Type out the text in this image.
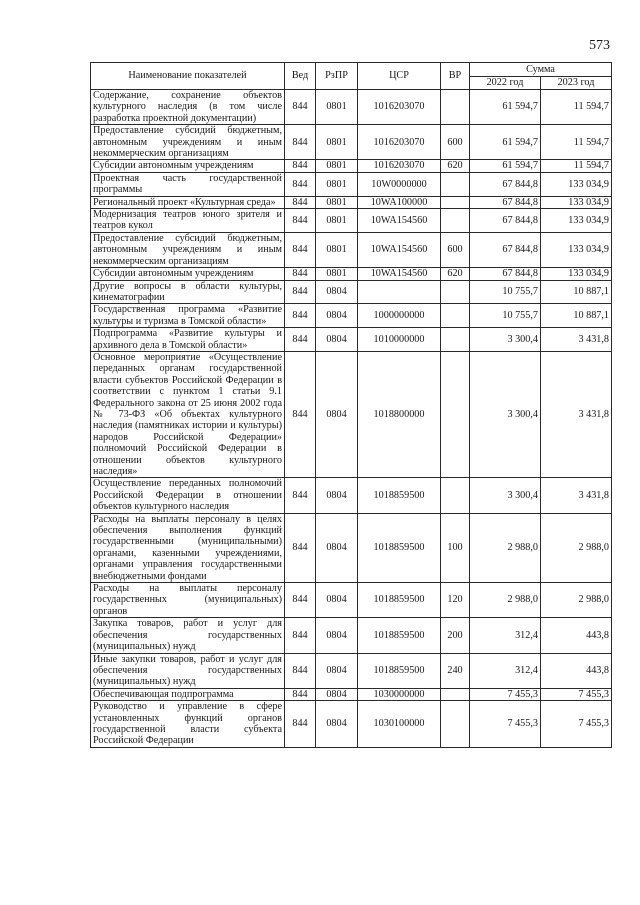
573
Наименование показателей	Вед	РзПР	ЦСР	ВР	Сумма	
					2022 год	2023 год
Содержание, сохранение объектов культурного наследия (в том числе разработка проектной документации)	844	0801	1016203070		61 594,7	11 594,7
Предоставление субсидий бюджетным, автономным учреждениям и иным некоммерческим организациям	844	0801	1016203070	600	61 594,7	11 594,7
Субсидии автономным учреждениям	844	0801	1016203070	620	61 594,7	11 594,7
Проектная часть государственной программы	844	0801	10W0000000		67 844,8	133 034,9
Региональный проект «Культурная среда»	844	0801	10WA100000		67 844,8	133 034,9
Модернизация театров юного зрителя и театров кукол	844	0801	10WA154560		67 844,8	133 034,9
Предоставление субсидий бюджетным, автономным учреждениям и иным некоммерческим организациям	844	0801	10WA154560	600	67 844,8	133 034,9
Субсидии автономным учреждениям	844	0801	10WA154560	620	67 844,8	133 034,9
Другие вопросы в области культуры, кинематографии	844	0804			10 755,7	10 887,1
Государственная программа «Развитие культуры и туризма в Томской области»	844	0804	1000000000		10 755,7	10 887,1
Подпрограмма «Развитие культуры и архивного дела в Томской области»	844	0804	1010000000		3 300,4	3 431,8
Основное мероприятие «Осуществление переданных органам государственной власти субъектов Российской Федерации в соответствии с пунктом 1 статьи 9.1 Федерального закона от 25 июня 2002 года № 73-ФЗ «Об объектах культурного наследия (памятниках истории и культуры) народов Российской Федерации» полномочий Российской Федерации в отношении объектов культурного наследия»	844	0804	1018800000		3 300,4	3 431,8
Осуществление переданных полномочий Российской Федерации в отношении объектов культурного наследия	844	0804	1018859500		3 300,4	3 431,8
Расходы на выплаты персоналу в целях обеспечения выполнения функций государственными (муниципальными) органами, казенными учреждениями, органами управления государственными внебюджетными фондами	844	0804	1018859500	100	2 988,0	2 988,0
Расходы на выплаты персоналу государственных (муниципальных) органов	844	0804	1018859500	120	2 988,0	2 988,0
Закупка товаров, работ и услуг для обеспечения государственных (муниципальных) нужд	844	0804	1018859500	200	312,4	443,8
Иные закупки товаров, работ и услуг для обеспечения государственных (муниципальных) нужд	844	0804	1018859500	240	312,4	443,8
Обеспечивающая подпрограмма	844	0804	1030000000		7 455,3	7 455,3
Руководство и управление в сфере установленных функций органов государственной власти субъекта Российской Федерации	844	0804	1030100000		7 455,3	7 455,3
